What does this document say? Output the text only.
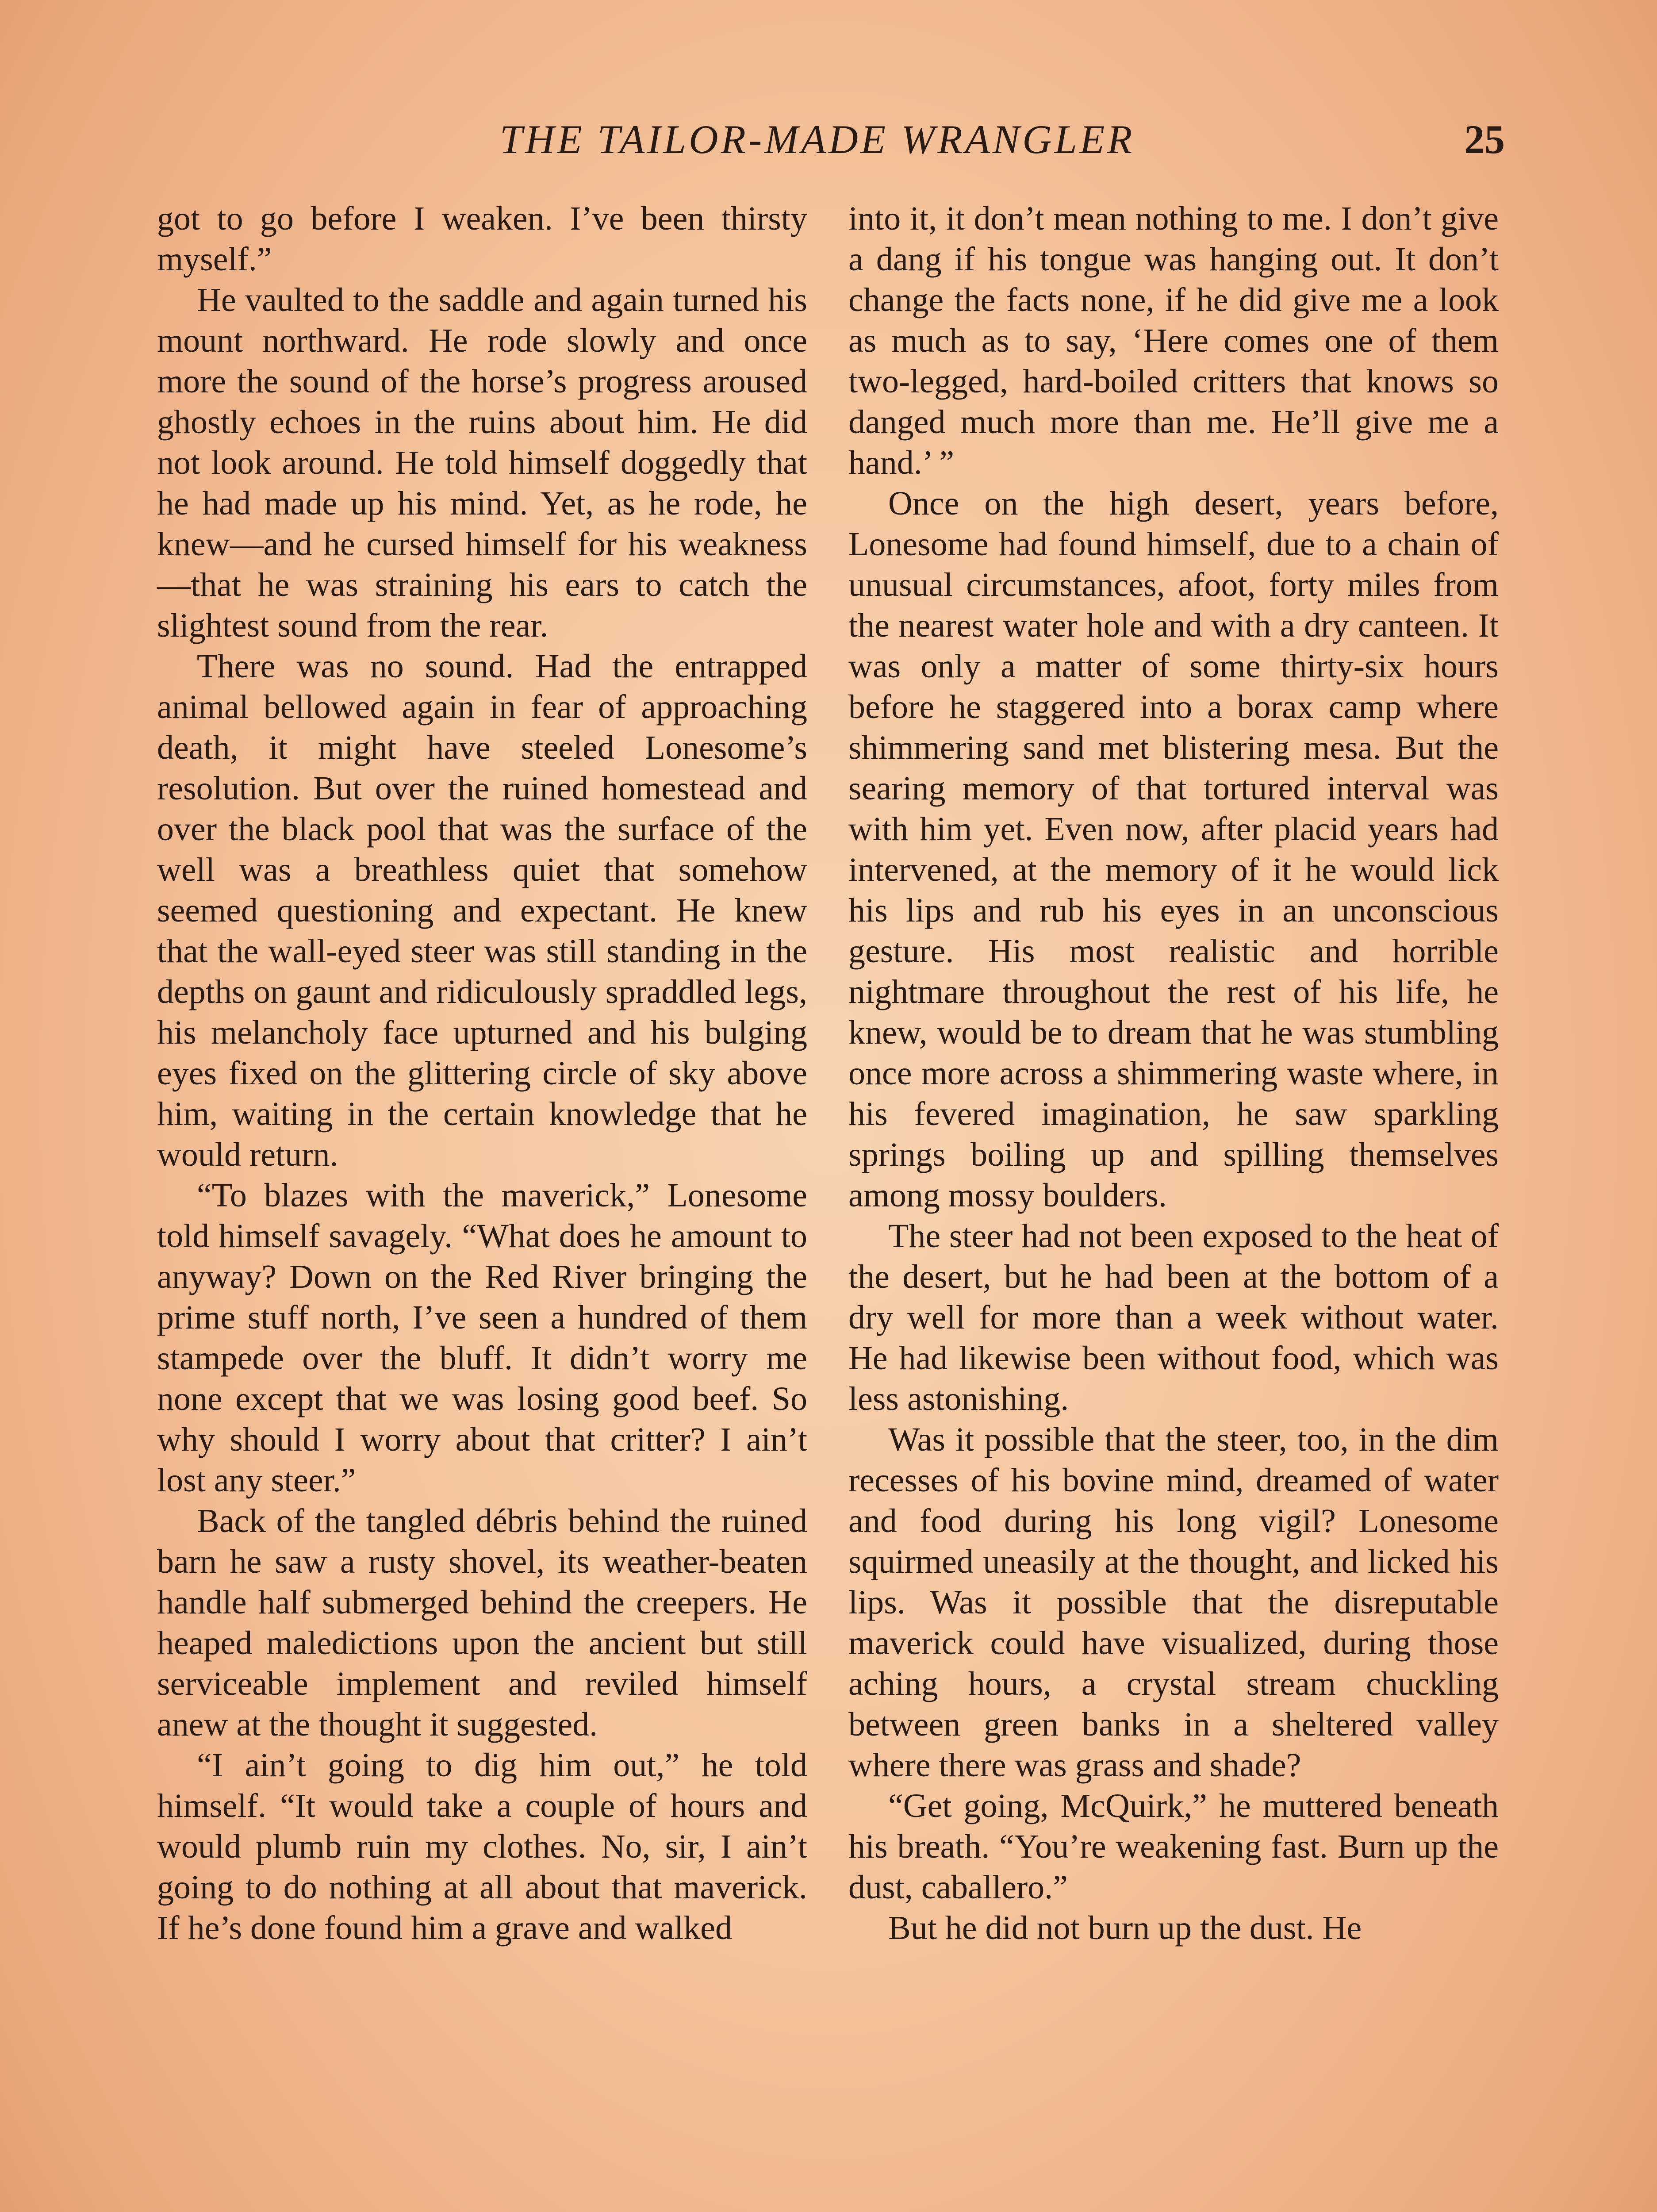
THE TAILOR-MADE WRANGLER	25

got to go before I weaken. I’ve been thirsty myself.”

He vaulted to the saddle and again turned his mount northward. He rode slowly and once more the sound of the horse’s progress aroused ghostly echoes in the ruins about him. He did not look around. He told himself doggedly that he had made up his mind. Yet, as he rode, he knew—and he cursed himself for his weakness—that he was straining his ears to catch the slightest sound from the rear.

There was no sound. Had the entrapped animal bellowed again in fear of approaching death, it might have steeled Lonesome’s resolution. But over the ruined homestead and over the black pool that was the surface of the well was a breathless quiet that somehow seemed questioning and expectant. He knew that the wall-eyed steer was still standing in the depths on gaunt and ridiculously spraddled legs, his melancholy face upturned and his bulging eyes fixed on the glittering circle of sky above him, waiting in the certain knowledge that he would return.

“To blazes with the maverick,” Lonesome told himself savagely. “What does he amount to anyway? Down on the Red River bringing the prime stuff north, I’ve seen a hundred of them stampede over the bluff. It didn’t worry me none except that we was losing good beef. So why should I worry about that critter? I ain’t lost any steer.”

Back of the tangled débris behind the ruined barn he saw a rusty shovel, its weather-beaten handle half submerged behind the creepers. He heaped maledictions upon the ancient but still serviceable implement and reviled himself anew at the thought it suggested.

“I ain’t going to dig him out,” he told himself. “It would take a couple of hours and would plumb ruin my clothes. No, sir, I ain’t going to do nothing at all about that maverick. If he’s done found him a grave and walked

into it, it don’t mean nothing to me. I don’t give a dang if his tongue was hanging out. It don’t change the facts none, if he did give me a look as much as to say, ‘Here comes one of them two-legged, hard-boiled critters that knows so danged much more than me. He’ll give me a hand.’ ”

Once on the high desert, years before, Lonesome had found himself, due to a chain of unusual circumstances, afoot, forty miles from the nearest water hole and with a dry canteen. It was only a matter of some thirty-six hours before he staggered into a borax camp where shimmering sand met blistering mesa. But the searing memory of that tortured interval was with him yet. Even now, after placid years had intervened, at the memory of it he would lick his lips and rub his eyes in an unconscious gesture. His most realistic and horrible nightmare throughout the rest of his life, he knew, would be to dream that he was stumbling once more across a shimmering waste where, in his fevered imagination, he saw sparkling springs boiling up and spilling themselves among mossy boulders.

The steer had not been exposed to the heat of the desert, but he had been at the bottom of a dry well for more than a week without water. He had likewise been without food, which was less astonishing.

Was it possible that the steer, too, in the dim recesses of his bovine mind, dreamed of water and food during his long vigil? Lonesome squirmed uneasily at the thought, and licked his lips. Was it possible that the disreputable maverick could have visualized, during those aching hours, a crystal stream chuckling between green banks in a sheltered valley where there was grass and shade?

“Get going, McQuirk,” he muttered beneath his breath. “You’re weakening fast. Burn up the dust, caballero.”

But he did not burn up the dust. He
